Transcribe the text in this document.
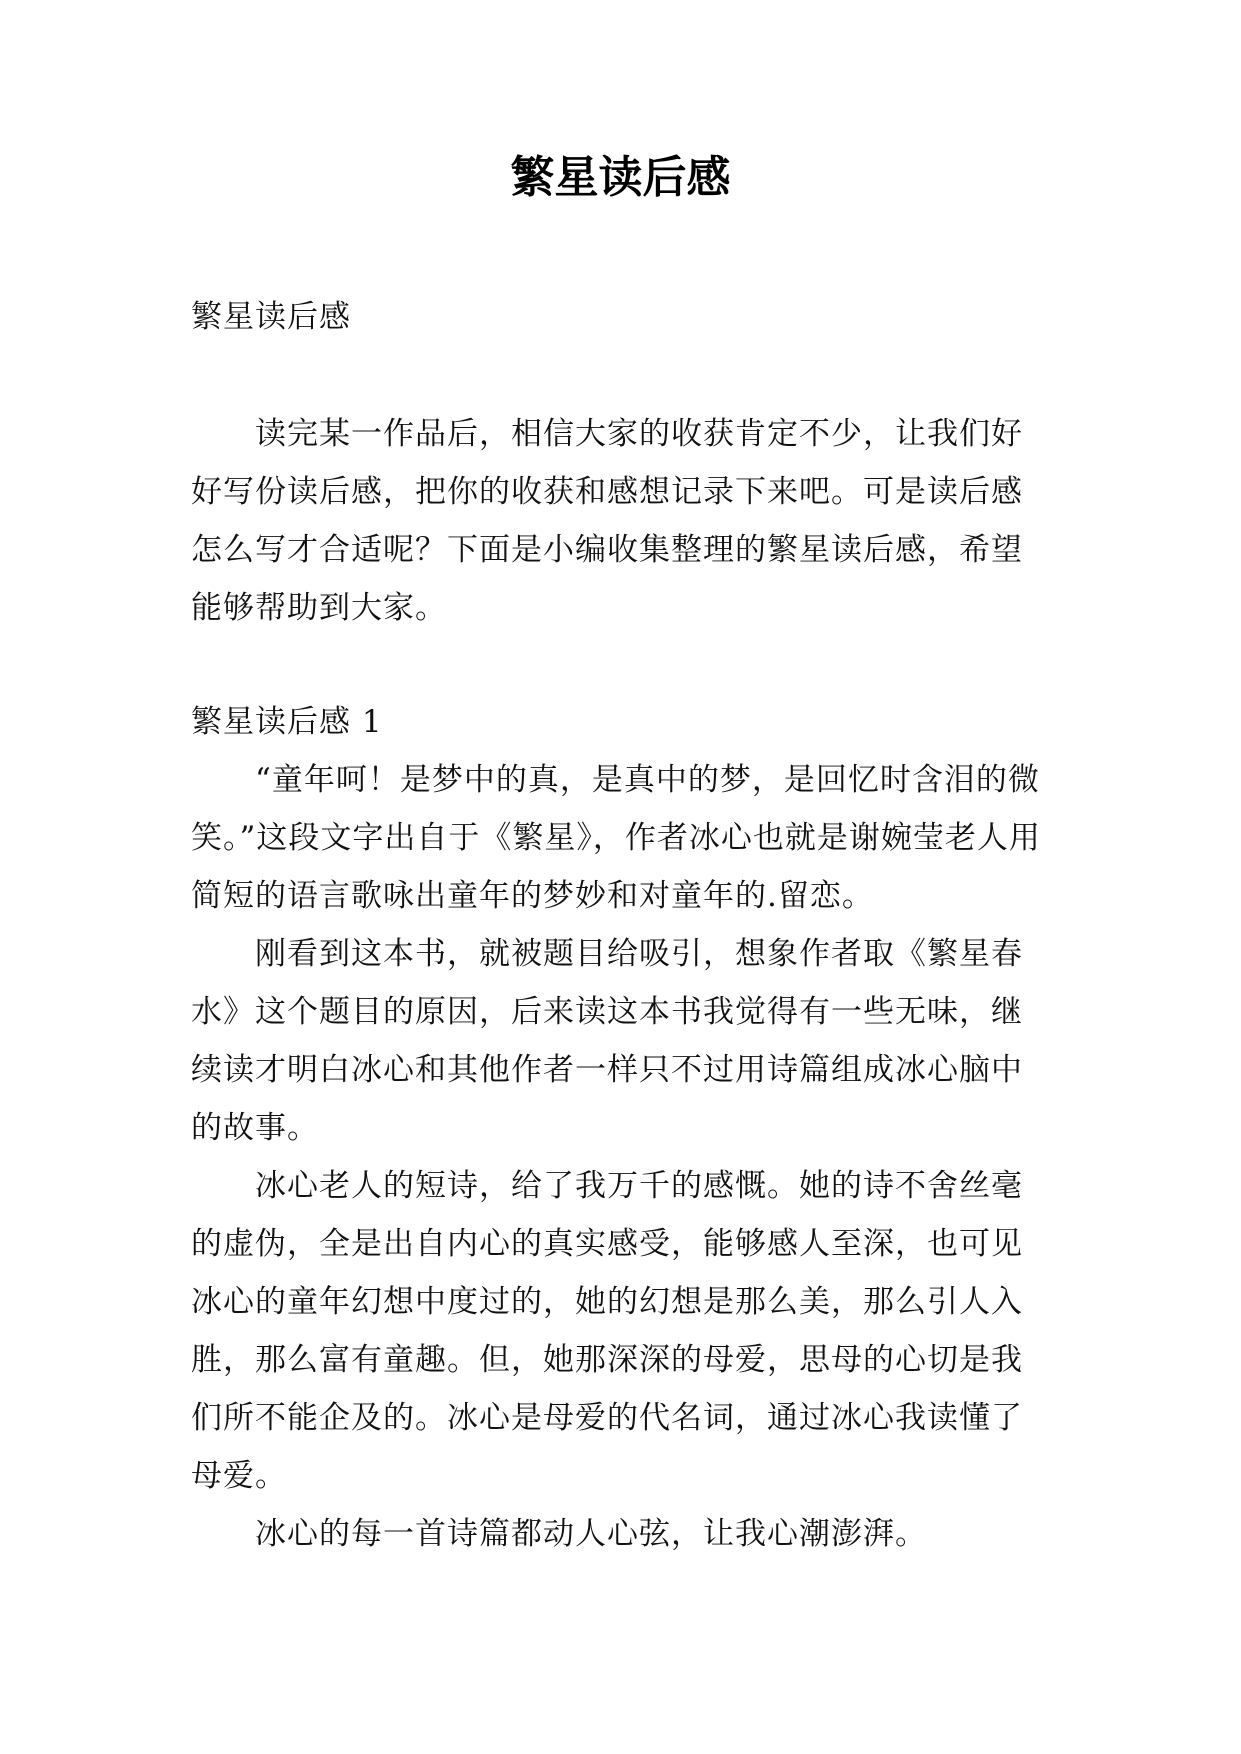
繁星读后感

繁星读后感

读完某一作品后，相信大家的收获肯定不少，让我们好好写份读后感，把你的收获和感想记录下来吧。可是读后感怎么写才合适呢？下面是小编收集整理的繁星读后感，希望能够帮助到大家。

繁星读后感 1

“童年呵！是梦中的真，是真中的梦，是回忆时含泪的微笑。”这段文字出自于《繁星》，作者冰心也就是谢婉莹老人用简短的语言歌咏出童年的梦妙和对童年的.留恋。

刚看到这本书，就被题目给吸引，想象作者取《繁星春水》这个题目的原因，后来读这本书我觉得有一些无味，继续读才明白冰心和其他作者一样只不过用诗篇组成冰心脑中的故事。

冰心老人的短诗，给了我万千的感慨。她的诗不舍丝毫的虚伪，全是出自内心的真实感受，能够感人至深，也可见冰心的童年幻想中度过的，她的幻想是那么美，那么引人入胜，那么富有童趣。但，她那深深的母爱，思母的心切是我们所不能企及的。冰心是母爱的代名词，通过冰心我读懂了母爱。

冰心的每一首诗篇都动人心弦，让我心潮澎湃。
